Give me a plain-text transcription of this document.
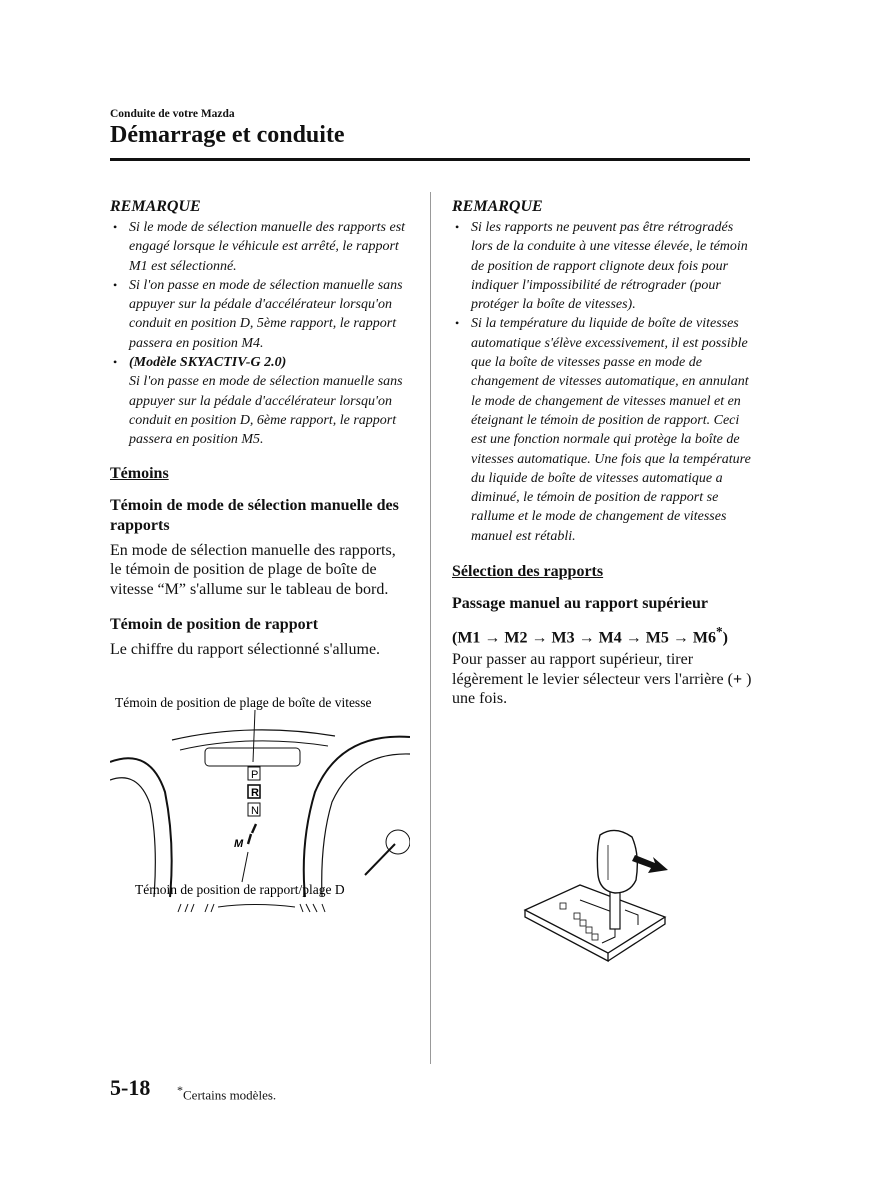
Conduite de votre Mazda
Démarrage et conduite

REMARQUE

• Si le mode de sélection manuelle des rapports est engagé lorsque le véhicule est arrêté, le rapport M1 est sélectionné.
• Si l'on passe en mode de sélection manuelle sans appuyer sur la pédale d'accélérateur lorsqu'on conduit en position D, 5ème rapport, le rapport passera en position M4.
• (Modèle SKYACTIV-G 2.0)
Si l'on passe en mode de sélection manuelle sans appuyer sur la pédale d'accélérateur lorsqu'on conduit en position D, 6ème rapport, le rapport passera en position M5.
Témoins
Témoin de mode de sélection manuelle des rapports

En mode de sélection manuelle des rapports, le témoin de position de plage de boîte de vitesse “M” s'allume sur le tableau de bord.

Témoin de position de rapport

Le chiffre du rapport sélectionné s'allume.

Témoin de position de plage de boîte de vitesse
P
R
N
M
Témoin de position de rapport/plage D

REMARQUE

• Si les rapports ne peuvent pas être rétrogradés lors de la conduite à une vitesse élevée, le témoin de position de rapport clignote deux fois pour indiquer l'impossibilité de rétrograder (pour protéger la boîte de vitesses).
• Si la température du liquide de boîte de vitesses automatique s'élève excessivement, il est possible que la boîte de vitesses passe en mode de changement de vitesses automatique, en annulant le mode de changement de vitesses manuel et en éteignant le témoin de position de rapport. Ceci est une fonction normale qui protège la boîte de vitesses automatique. Une fois que la température du liquide de boîte de vitesses automatique a diminué, le témoin de position de rapport se rallume et le mode de changement de vitesses manuel est rétabli.
Sélection des rapports
Passage manuel au rapport supérieur
(M1 → M2 → M3 → M4 → M5 → M6*)

Pour passer au rapport supérieur, tirer légèrement le levier sélecteur vers l'arrière (+ ) une fois.

5-18 *Certains modèles.
